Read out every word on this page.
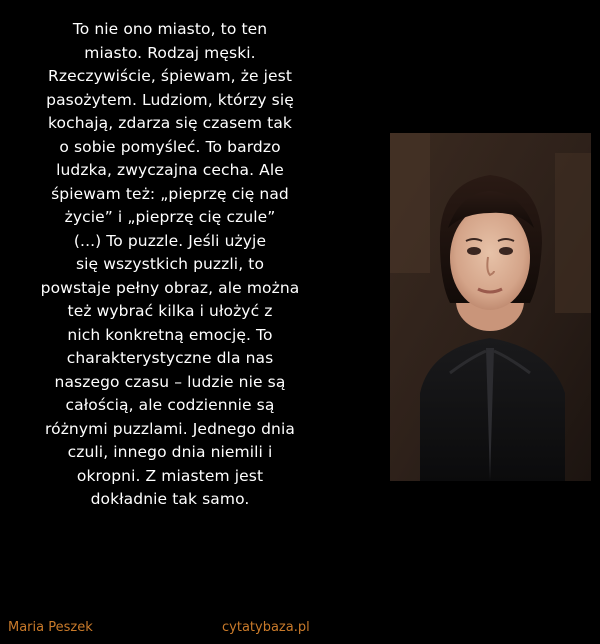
To nie ono miasto, to ten
miasto. Rodzaj męski.
Rzeczywiście, śpiewam, że jest
pasożytem. Ludziom, którzy się
kochają, zdarza się czasem tak
o sobie pomyśleć. To bardzo
ludzka, zwyczajna cecha. Ale
śpiewam też: „pieprzę cię nad
życie” i „pieprzę cię czule”
(...) To puzzle. Jeśli użyje
się wszystkich puzzli, to
powstaje pełny obraz, ale można
też wybrać kilka i ułożyć z
nich konkretną emocję. To
charakterystyczne dla nas
naszego czasu – ludzie nie są
całością, ale codziennie są
różnymi puzzlami. Jednego dnia
czuli, innego dnia niemili i
okropni. Z miastem jest
dokładnie tak samo.
Maria Peszek	cytatybaza.pl
